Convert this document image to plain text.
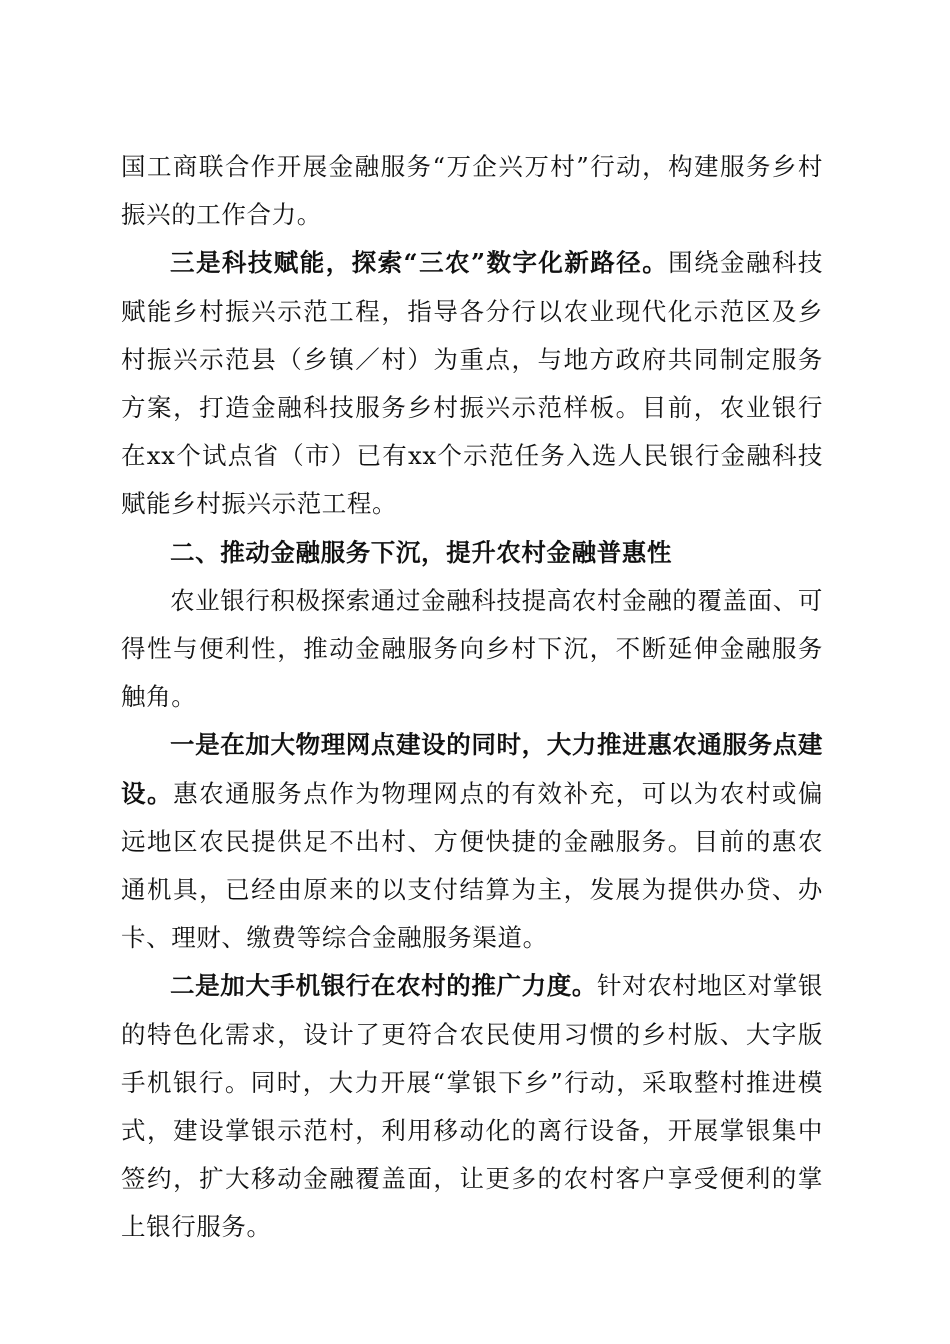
国工商联合作开展金融服务“万企兴万村”行动，构建服务乡村振兴的工作合力。

三是科技赋能，探索“三农”数字化新路径。围绕金融科技赋能乡村振兴示范工程，指导各分行以农业现代化示范区及乡村振兴示范县（乡镇／村）为重点，与地方政府共同制定服务方案，打造金融科技服务乡村振兴示范样板。目前，农业银行在xx个试点省（市）已有xx个示范任务入选人民银行金融科技赋能乡村振兴示范工程。

二、推动金融服务下沉，提升农村金融普惠性

农业银行积极探索通过金融科技提高农村金融的覆盖面、可得性与便利性，推动金融服务向乡村下沉，不断延伸金融服务触角。

一是在加大物理网点建设的同时，大力推进惠农通服务点建设。惠农通服务点作为物理网点的有效补充，可以为农村或偏远地区农民提供足不出村、方便快捷的金融服务。目前的惠农通机具，已经由原来的以支付结算为主，发展为提供办贷、办卡、理财、缴费等综合金融服务渠道。

二是加大手机银行在农村的推广力度。针对农村地区对掌银的特色化需求，设计了更符合农民使用习惯的乡村版、大字版手机银行。同时，大力开展“掌银下乡”行动，采取整村推进模式，建设掌银示范村，利用移动化的离行设备，开展掌银集中签约，扩大移动金融覆盖面，让更多的农村客户享受便利的掌上银行服务。
